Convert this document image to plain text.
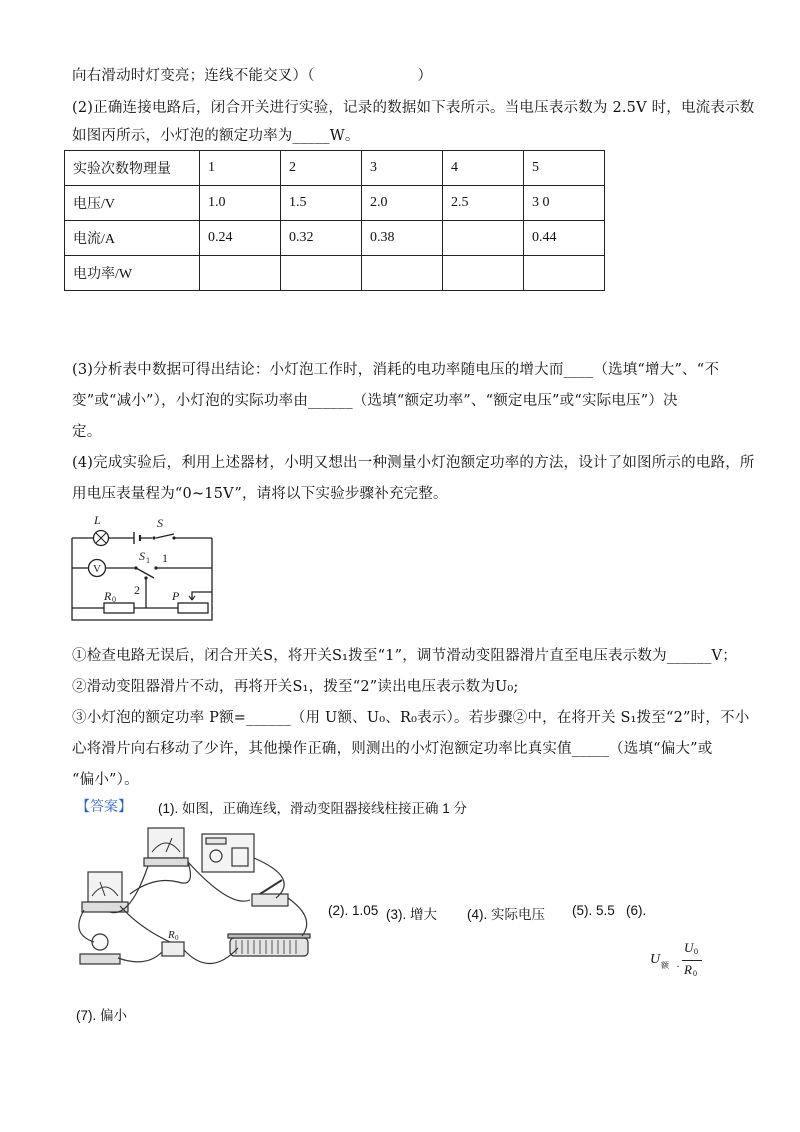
向右滑动时灯变亮；连线不能交叉）（　　　　　　　）
(2)正确连接电路后，闭合开关进行实验，记录的数据如下表所示。当电压表示数为 2.5V 时，电流表示数
如图丙所示，小灯泡的额定功率为_____W。
实验次数物理量	1	2	3	4	5
电压/V	1.0	1.5	2.0	2.5	3 0
电流/A	0.24	0.32	0.38		0.44
电功率/W					
(3)分析表中数据可得出结论：小灯泡工作时，消耗的电功率随电压的增大而____（选填“增大”、“不
变”或“减小”），小灯泡的实际功率由______（选填“额定功率”、“额定电压”或“实际电压”）决
定。
(4)完成实验后，利用上述器材，小明又想出一种测量小灯泡额定功率的方法，设计了如图所示的电路，所
用电压表量程为“0~15V”，请将以下实验步骤补充完整。
L	S
V
S 1 1
2
R 0	P
①检查电路无误后，闭合开关S，将开关S₁拨至“1”，调节滑动变阻器滑片直至电压表示数为______V；
②滑动变阻器滑片不动，再将开关S₁，拨至“2”读出电压表示数为U₀;
③小灯泡的额定功率 P额=______（用 U额、U₀、R₀表示）。若步骤②中，在将开关 S₁拨至“2”时，不小
心将滑片向右移动了少许，其他操作正确，则测出的小灯泡额定功率比真实值_____（选填“偏大”或
“偏小”）。
【答案】 (1). 如图，正确连线，滑动变阻器接线柱接正确 1 分
R 0
(2). 1.05 (3). 增大 (4). 实际电压 (5). 5.5 (6).
U 额 ·
U 0
R 0
(7). 偏小
